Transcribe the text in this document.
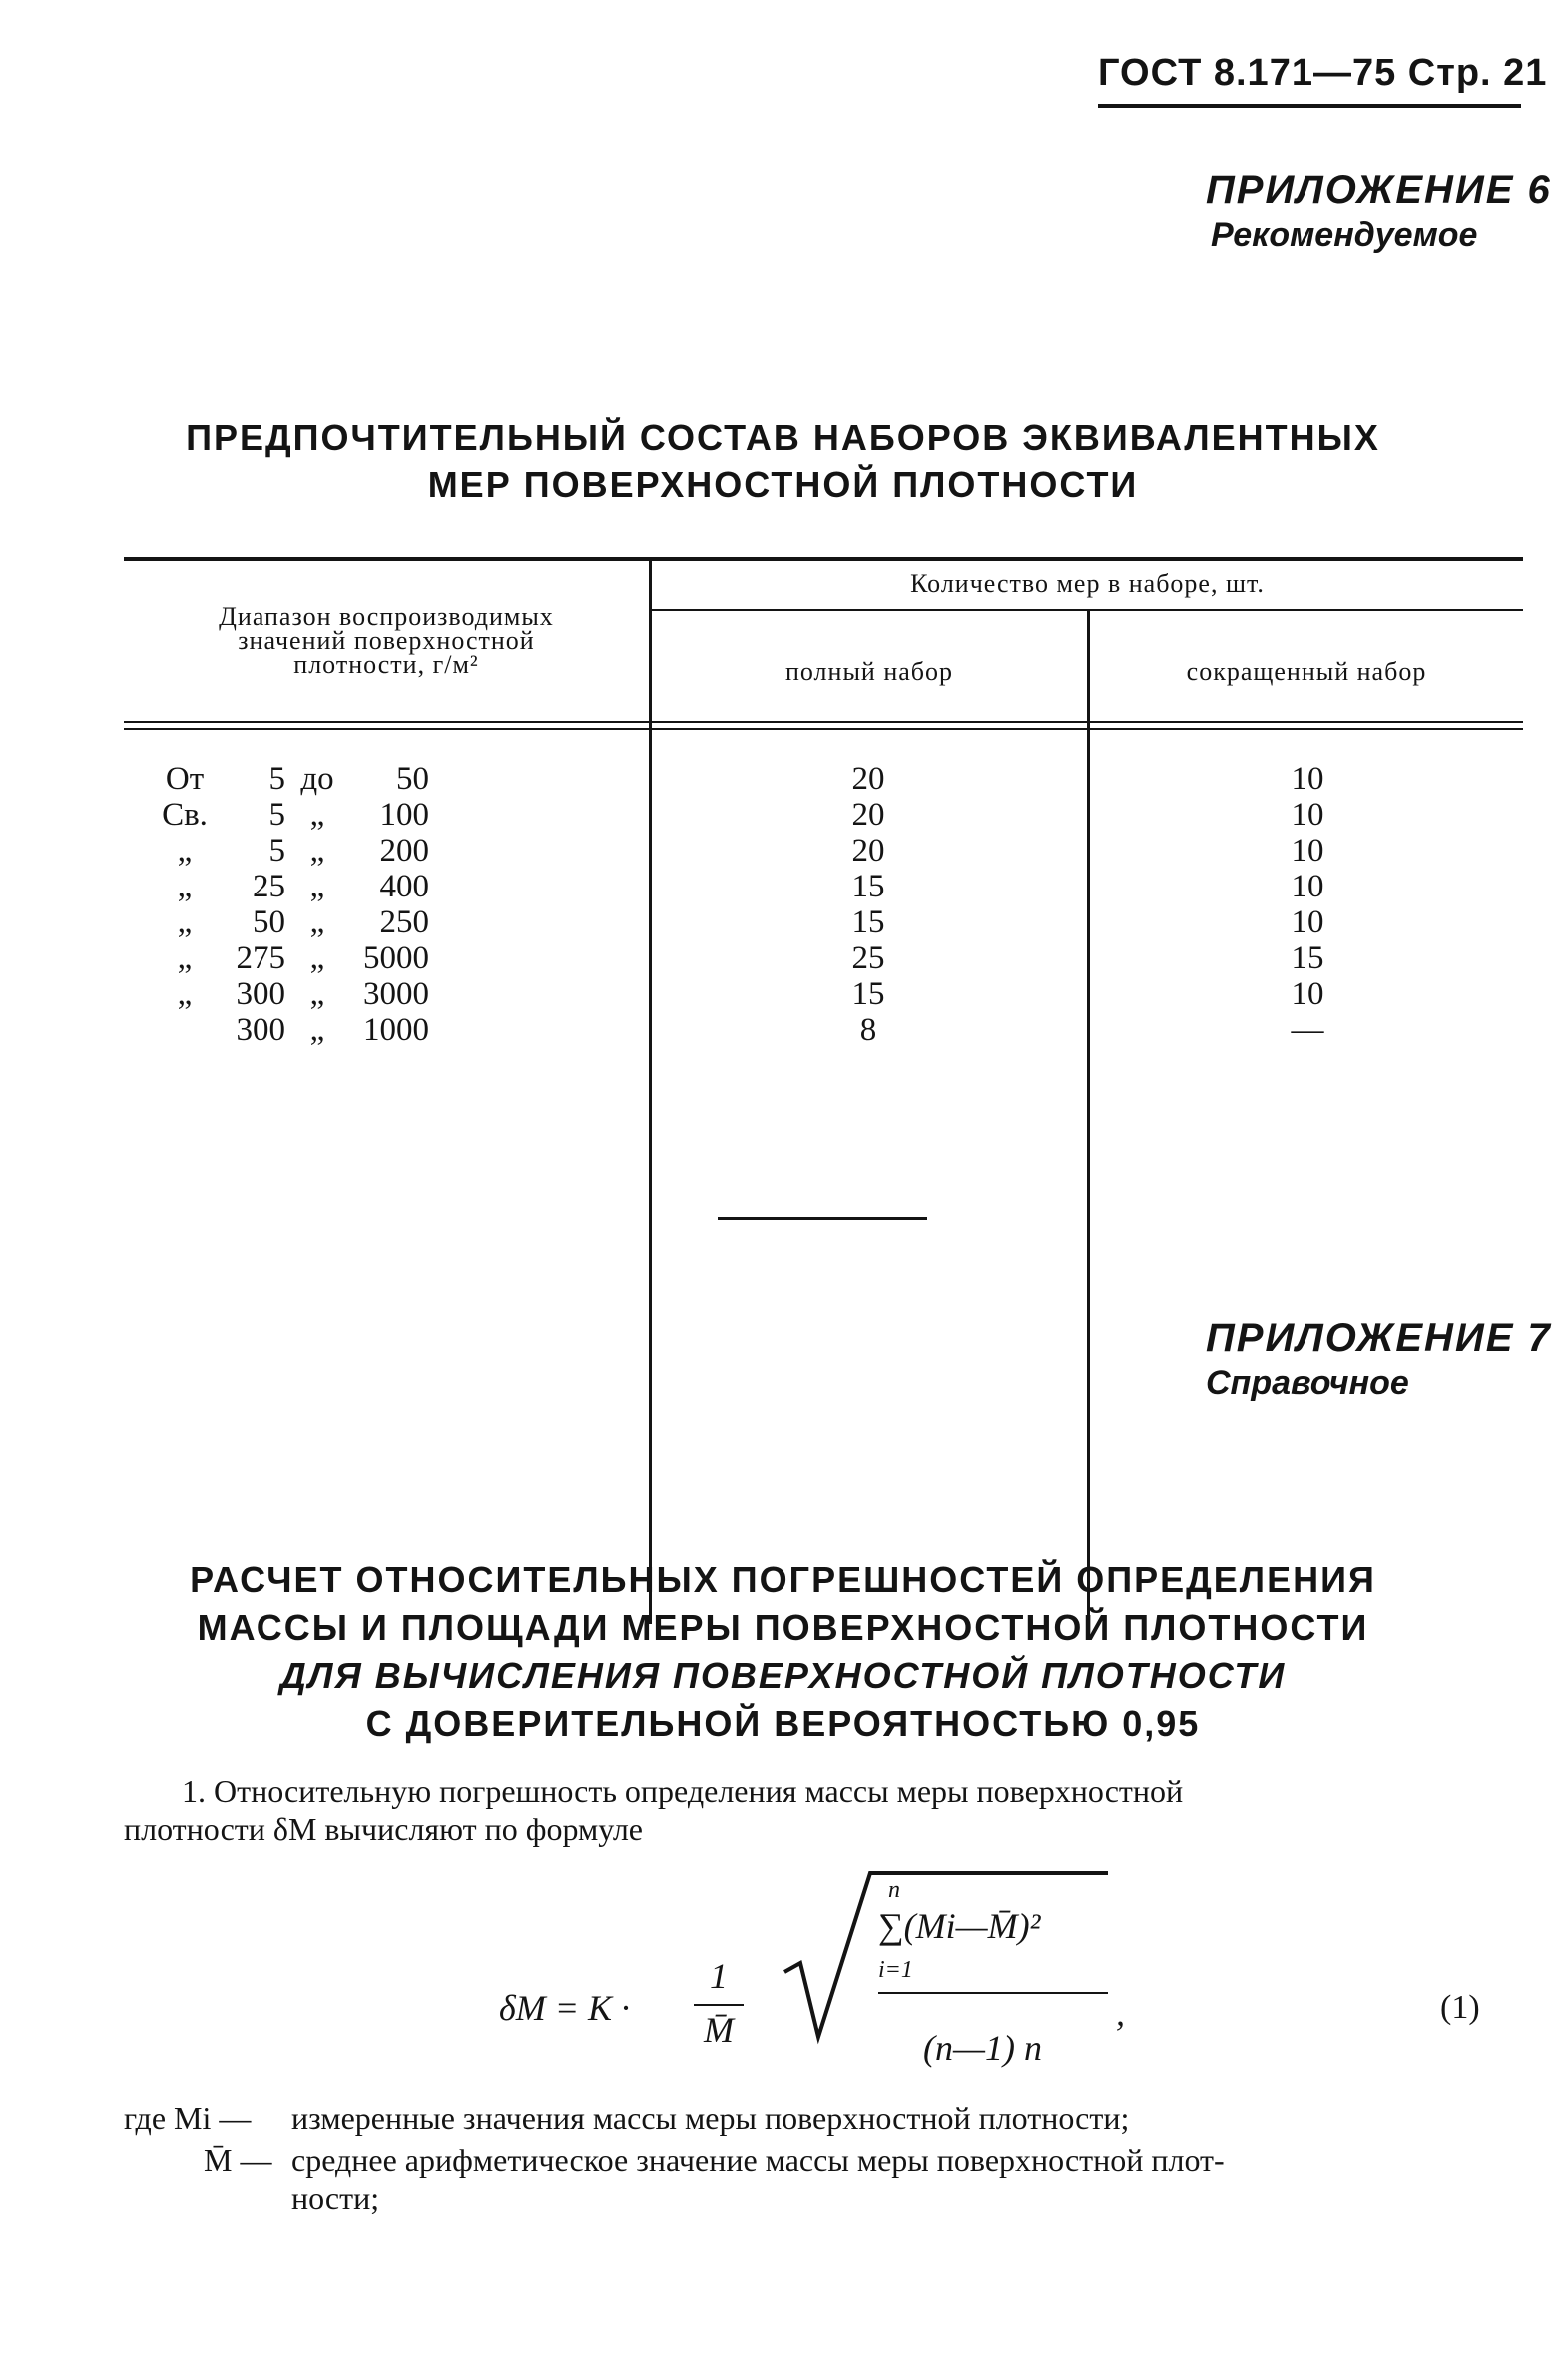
ГОСТ 8.171—75 Стр. 21
ПРИЛОЖЕНИЕ 6
Рекомендуемое
ПРЕДПОЧТИТЕЛЬНЫЙ СОСТАВ НАБОРОВ ЭКВИВАЛЕНТНЫХ
МЕР ПОВЕРХНОСТНОЙ ПЛОТНОСТИ
Диапазон воспроизводимых
значений поверхностной
плотности, г/м²
Количество мер в наборе, шт.
полный набор	сокращенный набор
От	5 до	50	20	10
Св.	5 „	100	20	10
„	5 „	200	20	10
„	25 „	400	15	10
„	50 „	250	15	10
„	275 „	5000	25	15
„	300 „	3000	15	10
300 „	1000	8	—
ПРИЛОЖЕНИЕ 7
Справочное
РАСЧЕТ ОТНОСИТЕЛЬНЫХ ПОГРЕШНОСТЕЙ ОПРЕДЕЛЕНИЯ
МАССЫ И ПЛОЩАДИ МЕРЫ ПОВЕРХНОСТНОЙ ПЛОТНОСТИ
ДЛЯ ВЫЧИСЛЕНИЯ ПОВЕРХНОСТНОЙ ПЛОТНОСТИ
С ДОВЕРИТЕЛЬНОЙ ВЕРОЯТНОСТЬЮ 0,95
1. Относительную погрешность определения массы меры поверхностной
плотности δM вычисляют по формуле
δM = K ·
1
M̄
n
∑(Mi—M̄)²
i=1
(n—1) n
,	(1)
где Mi — измеренные значения массы меры поверхностной плотности;
M̄ — среднее арифметическое значение массы меры поверхностной плот-
ности;
